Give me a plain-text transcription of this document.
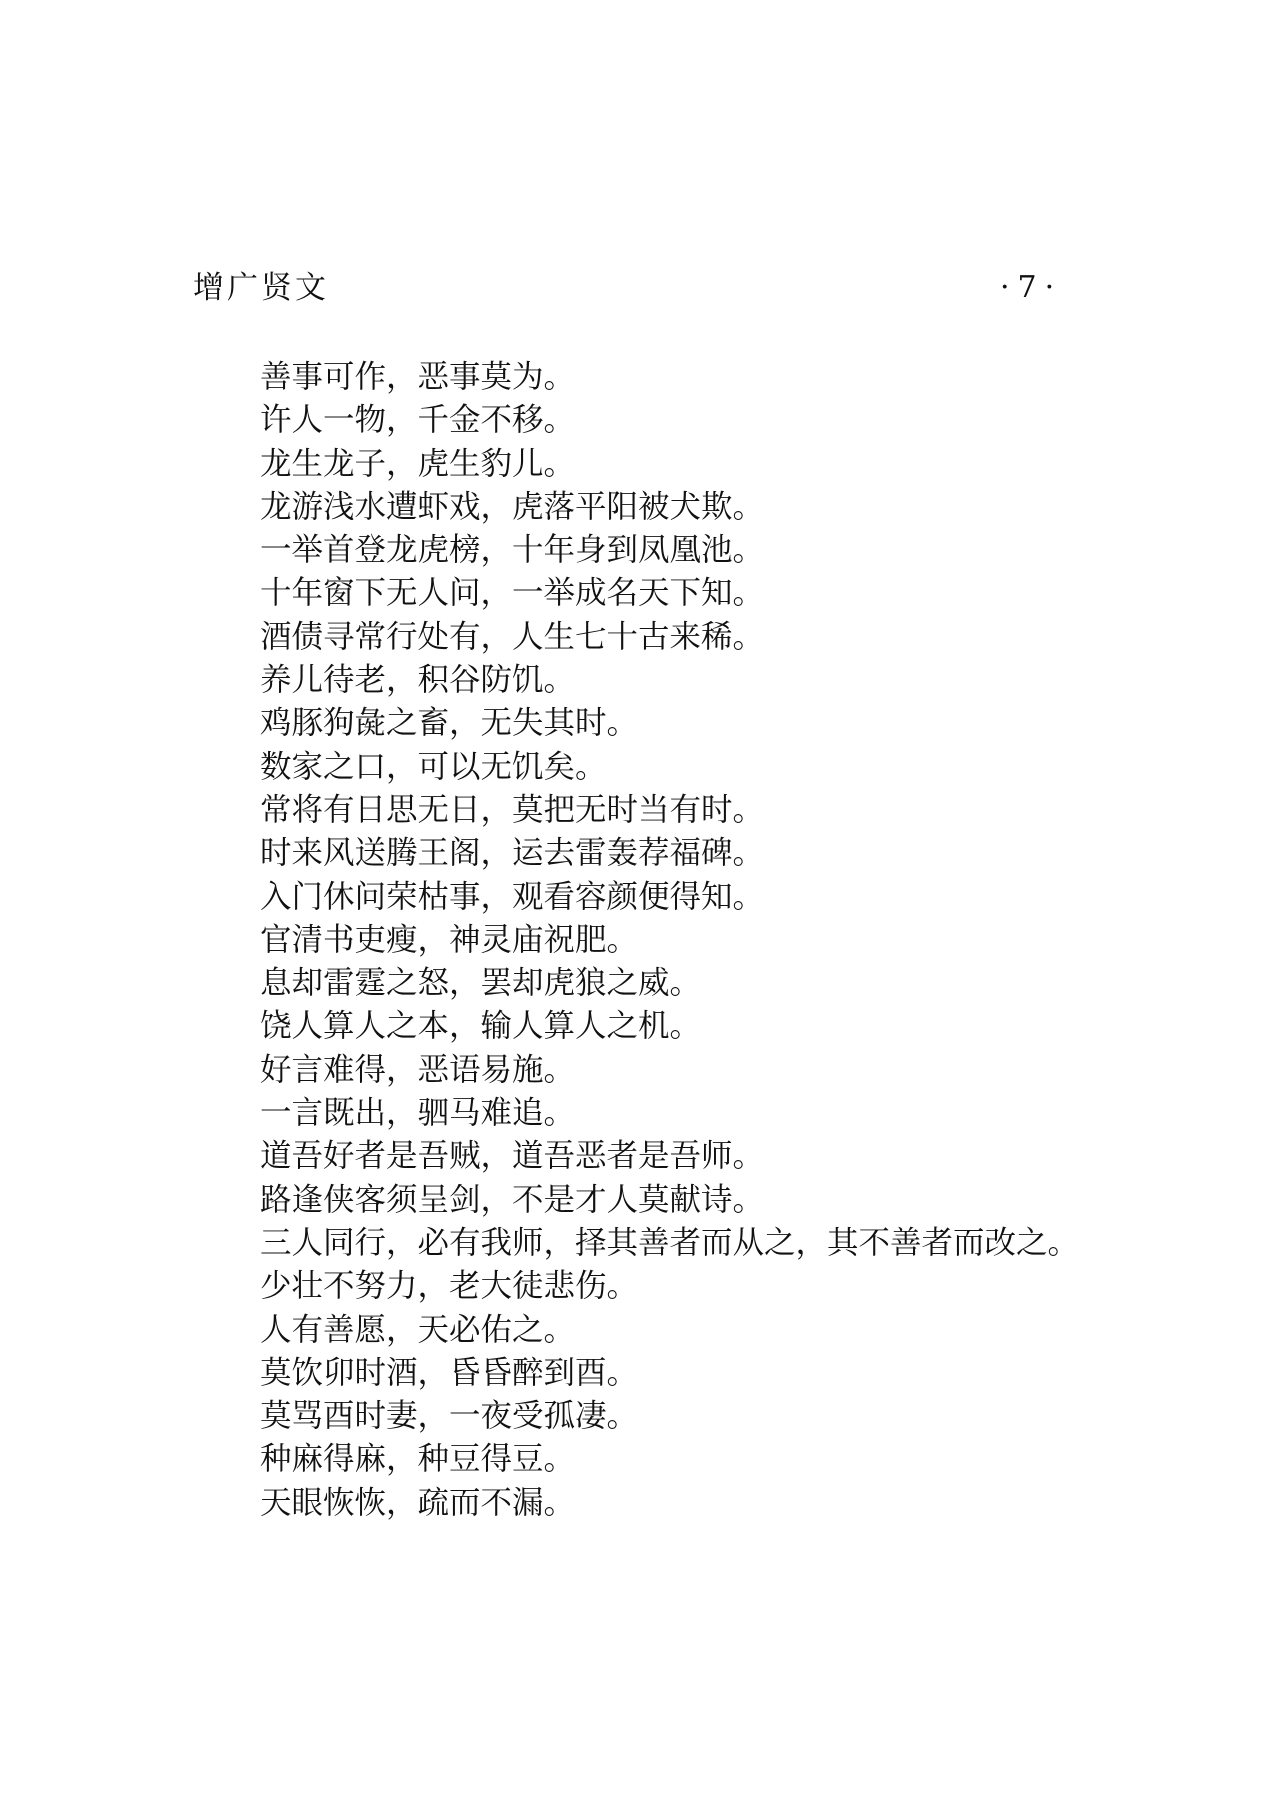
增广贤文	·7·
善事可作，恶事莫为。
许人一物，千金不移。
龙生龙子，虎生豹儿。
龙游浅水遭虾戏，虎落平阳被犬欺。
一举首登龙虎榜，十年身到凤凰池。
十年窗下无人问，一举成名天下知。
酒债寻常行处有，人生七十古来稀。
养儿待老，积谷防饥。
鸡豚狗彘之畜，无失其时。
数家之口，可以无饥矣。
常将有日思无日，莫把无时当有时。
时来风送腾王阁，运去雷轰荐福碑。
入门休问荣枯事，观看容颜便得知。
官清书吏瘦，神灵庙祝肥。
息却雷霆之怒，罢却虎狼之威。
饶人算人之本，输人算人之机。
好言难得，恶语易施。
一言既出，驷马难追。
道吾好者是吾贼，道吾恶者是吾师。
路逢侠客须呈剑，不是才人莫献诗。
三人同行，必有我师，择其善者而从之，其不善者而改之。
少壮不努力，老大徒悲伤。
人有善愿，天必佑之。
莫饮卯时酒，昏昏醉到酉。
莫骂酉时妻，一夜受孤凄。
种麻得麻，种豆得豆。
天眼恢恢，疏而不漏。
